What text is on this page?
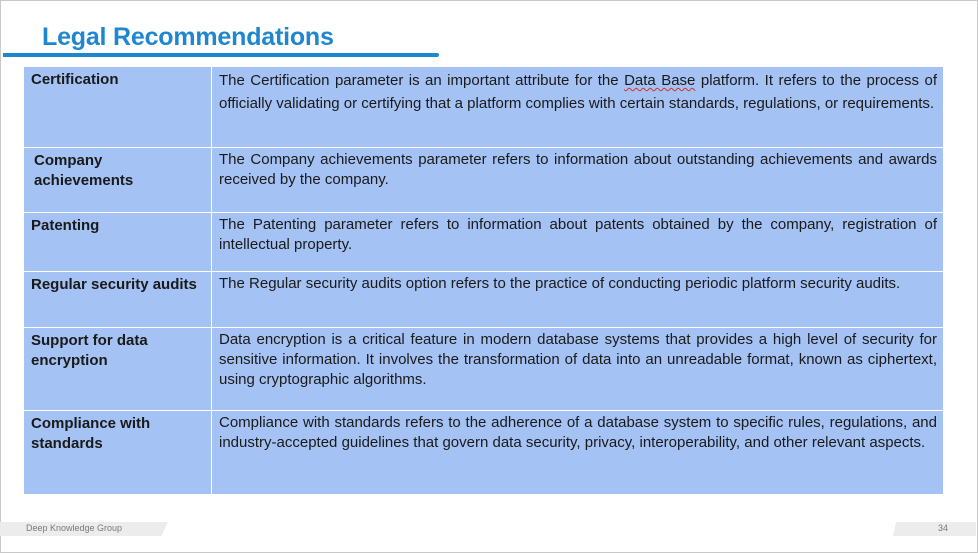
Legal Recommendations
Certification	The Certification parameter is an important attribute for the Data Base platform. It refers to the process of officially validating or certifying that a platform complies with certain standards, regulations, or requirements.
Company achievements	The Company achievements parameter refers to information about outstanding achievements and awards received by the company.
Patenting	The Patenting parameter refers to information about patents obtained by the company, registration of intellectual property.
Regular security audits	The Regular security audits option refers to the practice of conducting periodic platform security audits.
Support for data encryption	Data encryption is a critical feature in modern database systems that provides a high level of security for sensitive information. It involves the transformation of data into an unreadable format, known as ciphertext, using cryptographic algorithms.
Compliance with standards	Compliance with standards refers to the adherence of a database system to specific rules, regulations, and industry-accepted guidelines that govern data security, privacy, interoperability, and other relevant aspects.
Deep Knowledge Group	34
